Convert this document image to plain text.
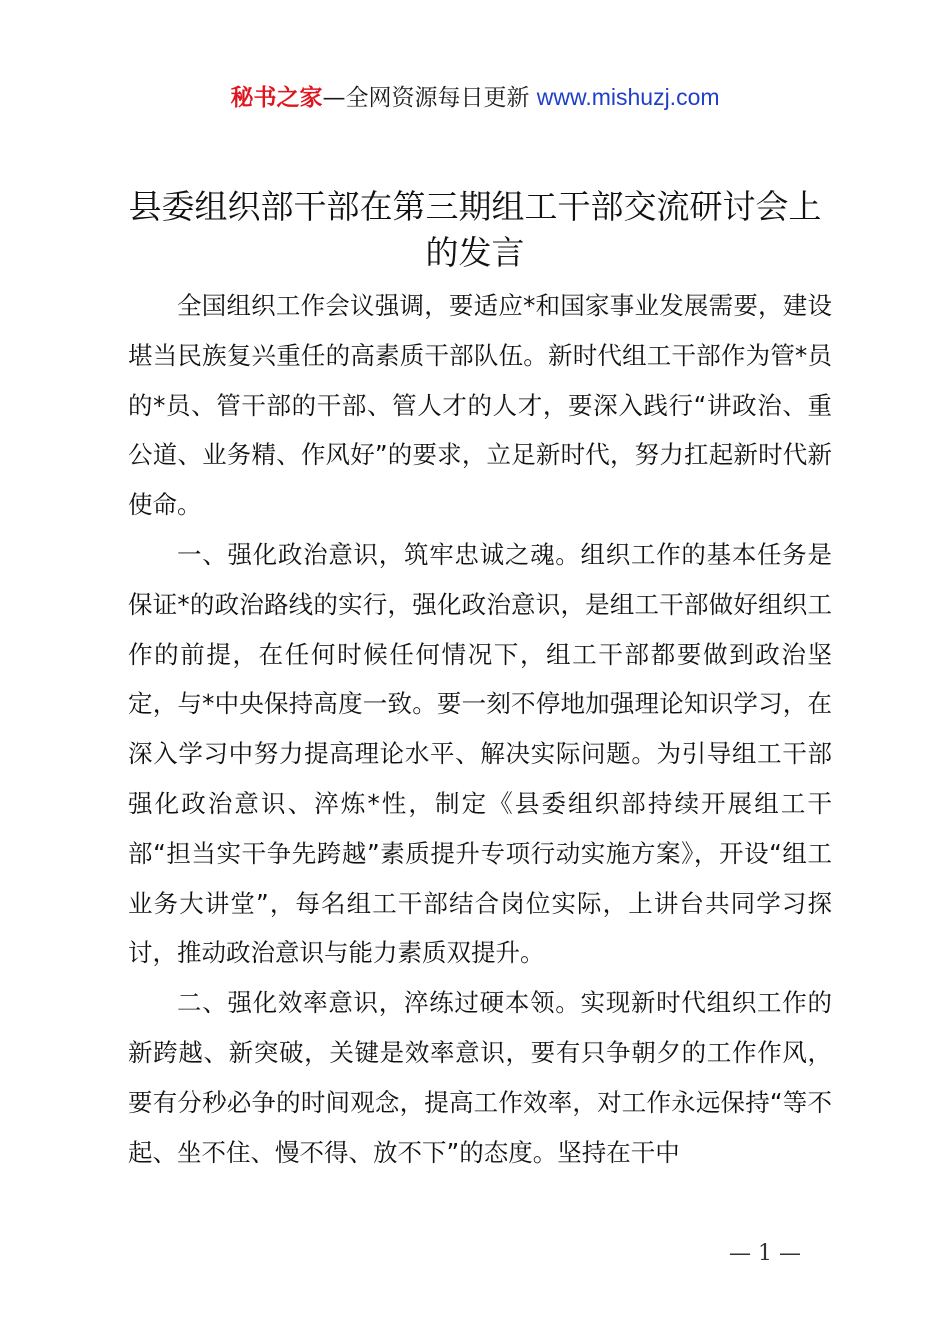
秘书之家—全网资源每日更新 www.mishuzj.com
县委组织部干部在第三期组工干部交流研讨会上的发言

全国组织工作会议强调，要适应*和国家事业发展需要，建设堪当民族复兴重任的高素质干部队伍。新时代组工干部作为管*员的*员、管干部的干部、管人才的人才，要深入践行“讲政治、重公道、业务精、作风好”的要求，立足新时代，努力扛起新时代新使命。

一、强化政治意识，筑牢忠诚之魂。组织工作的基本任务是保证*的政治路线的实行，强化政治意识，是组工干部做好组织工作的前提，在任何时候任何情况下，组工干部都要做到政治坚定，与*中央保持高度一致。要一刻不停地加强理论知识学习，在深入学习中努力提高理论水平、解决实际问题。为引导组工干部强化政治意识、淬炼*性，制定《县委组织部持续开展组工干部“担当实干争先跨越”素质提升专项行动实施方案》，开设“组工业务大讲堂”，每名组工干部结合岗位实际，上讲台共同学习探讨，推动政治意识与能力素质双提升。

二、强化效率意识，淬练过硬本领。实现新时代组织工作的新跨越、新突破，关键是效率意识，要有只争朝夕的工作作风，要有分秒必争的时间观念，提高工作效率，对工作永远保持“等不起、坐不住、慢不得、放不下”的态度。坚持在干中

— 1 —
